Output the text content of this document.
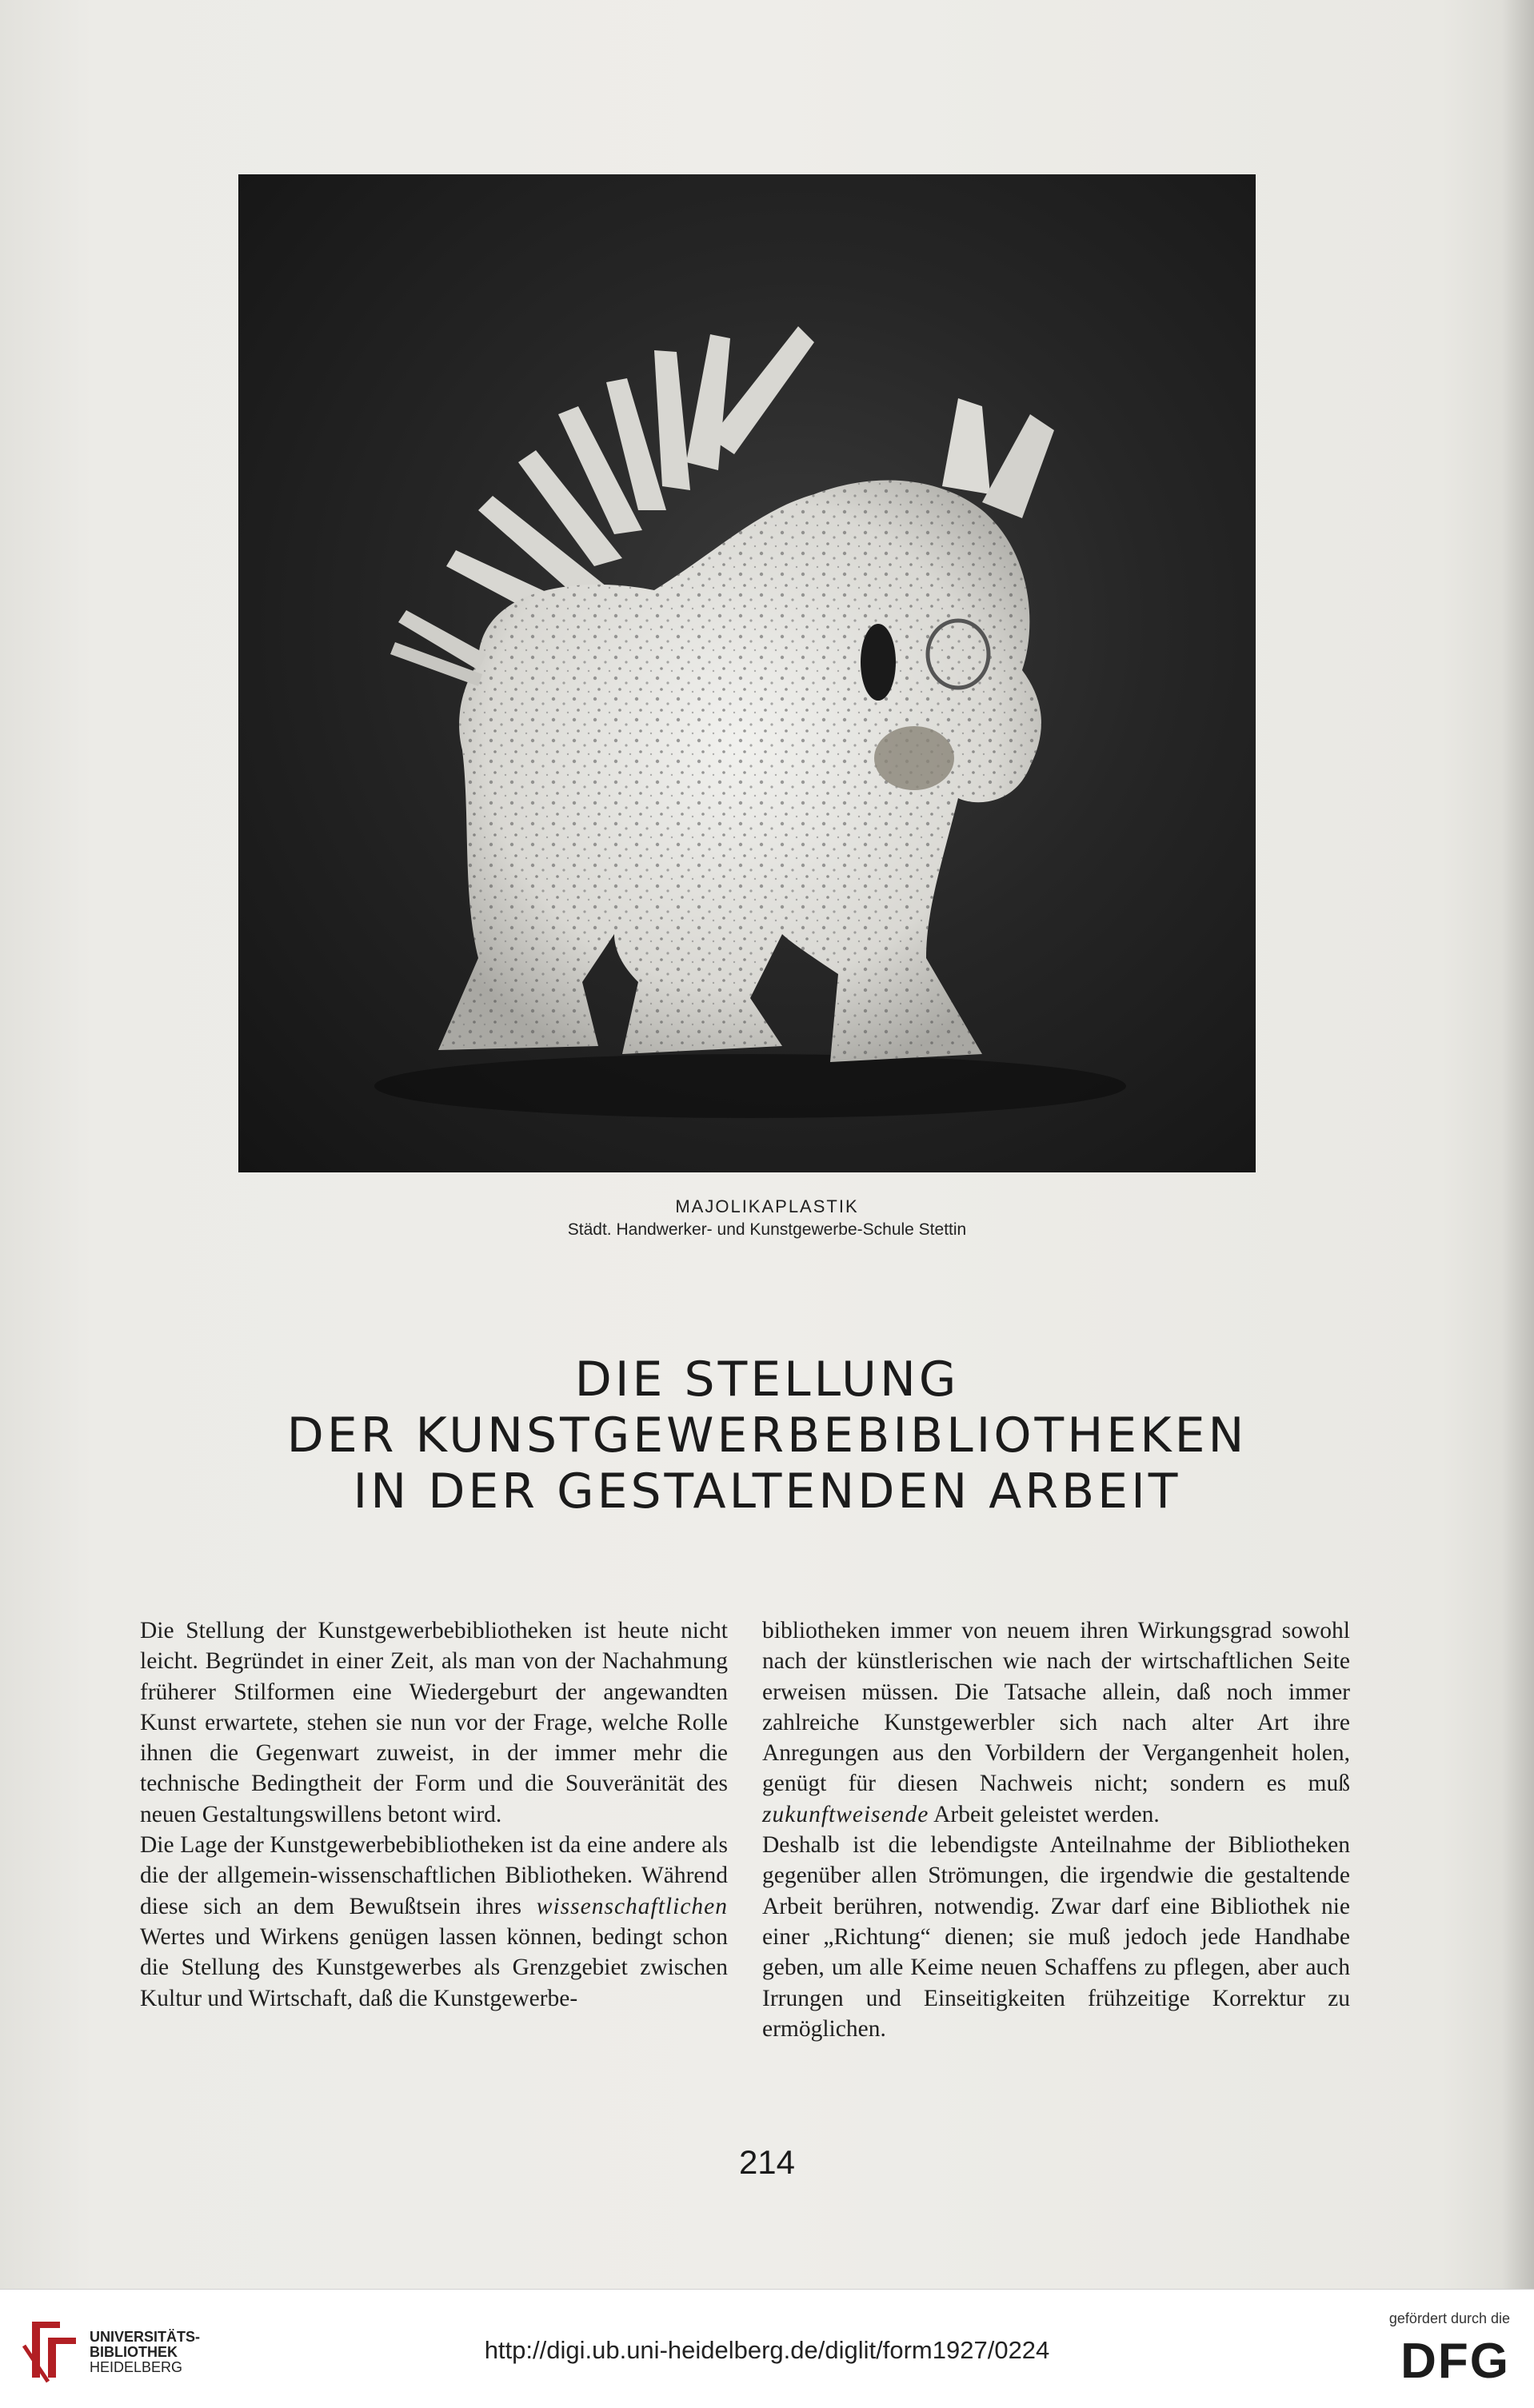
MAJOLIKAPLASTIK
Städt. Handwerker- und Kunstgewerbe-Schule Stettin
DIE STELLUNG
DER KUNSTGEWERBEBIBLIOTHEKEN
IN DER GESTALTENDEN ARBEIT

Die Stellung der Kunstgewerbebibliotheken ist heute nicht leicht. Begründet in einer Zeit, als man von der Nachahmung früherer Stilformen eine Wiedergeburt der angewandten Kunst erwartete, stehen sie nun vor der Frage, welche Rolle ihnen die Gegenwart zuweist, in der immer mehr die technische Bedingtheit der Form und die Souveränität des neuen Gestaltungswillens betont wird.

Die Lage der Kunstgewerbebibliotheken ist da eine andere als die der allgemein-wissenschaftlichen Bibliotheken. Während diese sich an dem Bewußtsein ihres wissenschaftlichen Wertes und Wirkens genügen lassen können, bedingt schon die Stellung des Kunstgewerbes als Grenzgebiet zwischen Kultur und Wirtschaft, daß die Kunstgewerbe-

bibliotheken immer von neuem ihren Wirkungsgrad sowohl nach der künstlerischen wie nach der wirtschaftlichen Seite erweisen müssen. Die Tatsache allein, daß noch immer zahlreiche Kunstgewerbler sich nach alter Art ihre Anregungen aus den Vorbildern der Vergangenheit holen, genügt für diesen Nachweis nicht; sondern es muß zukunftweisende Arbeit geleistet werden.

Deshalb ist die lebendigste Anteilnahme der Bibliotheken gegenüber allen Strömungen, die irgendwie die gestaltende Arbeit berühren, notwendig. Zwar darf eine Bibliothek nie einer „Richtung“ dienen; sie muß jedoch jede Handhabe geben, um alle Keime neuen Schaffens zu pflegen, aber auch Irrungen und Einseitigkeiten frühzeitige Korrektur zu ermöglichen.

214
UNIVERSITÄTS-
BIBLIOTHEK
HEIDELBERG
http://digi.ub.uni-heidelberg.de/diglit/form1927/0224
gefördert durch die
DFG
